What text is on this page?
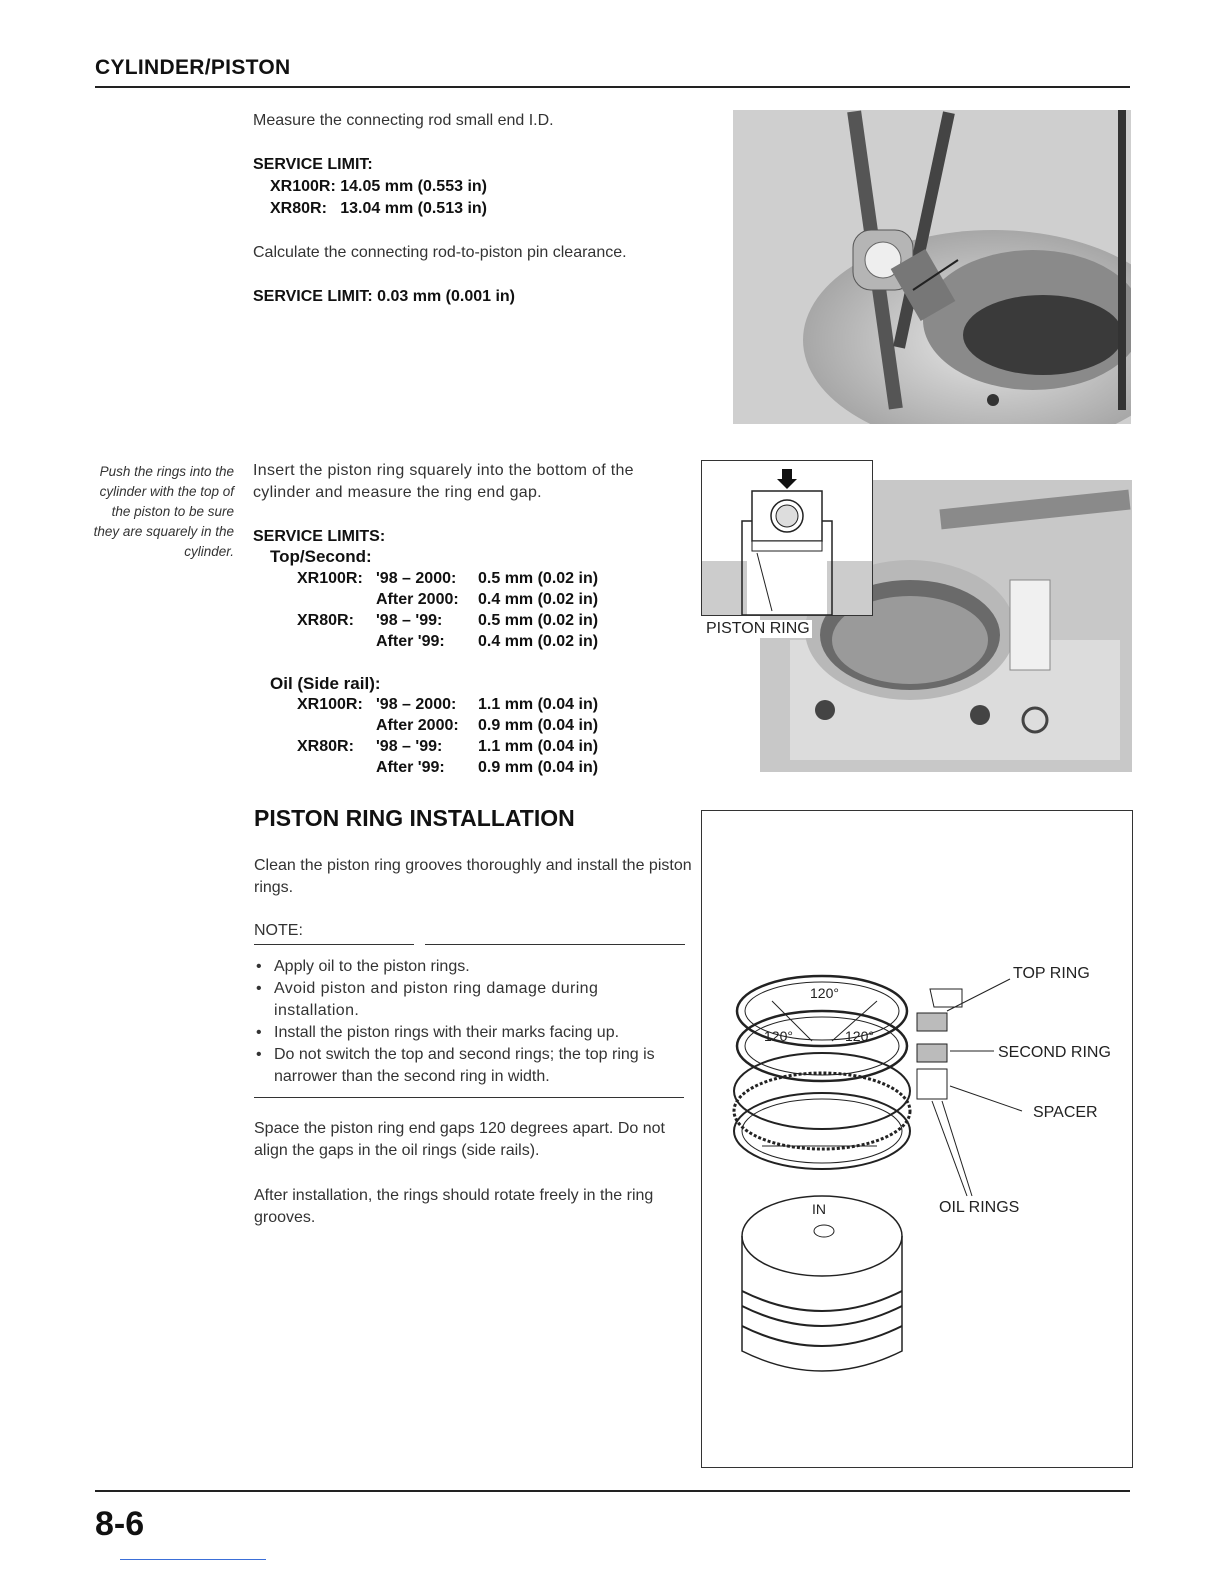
CYLINDER/PISTON
Measure the connecting rod small end I.D.
SERVICE LIMIT:
XR100R: 14.05 mm (0.553 in)
XR80R:   13.04 mm (0.513 in)
Calculate the connecting rod-to-piston pin clearance.
SERVICE LIMIT: 0.03 mm (0.001 in)
Push the rings into the cylinder with the top of the piston to be sure they are squarely in the cylinder.
Insert the piston ring squarely into the bottom of the cylinder and measure the ring end gap.
SERVICE LIMITS:
Top/Second:
XR100R: '98 – 2000: 0.5 mm (0.02 in)
After 2000: 0.4 mm (0.02 in)
XR80R: '98 – '99: 0.5 mm (0.02 in)
After '99: 0.4 mm (0.02 in)
Oil (Side rail):
XR100R: '98 – 2000: 1.1 mm (0.04 in)
After 2000: 0.9 mm (0.04 in)
XR80R: '98 – '99: 1.1 mm (0.04 in)
After '99: 0.9 mm (0.04 in)
PISTON RING
PISTON RING INSTALLATION
Clean the piston ring grooves thoroughly and install the piston rings.
NOTE:
• Apply oil to the piston rings.
• Avoid piston and piston ring damage during installation.
• Install the piston rings with their marks facing up.
• Do not switch the top and second rings; the top ring is narrower than the second ring in width.
Space the piston ring end gaps 120 degrees apart. Do not align the gaps in the oil rings (side rails).
After installation, the rings should rotate freely in the ring grooves.
TOP RING
SECOND RING
SPACER
OIL RINGS
120°
120°	120°
IN
8-6
